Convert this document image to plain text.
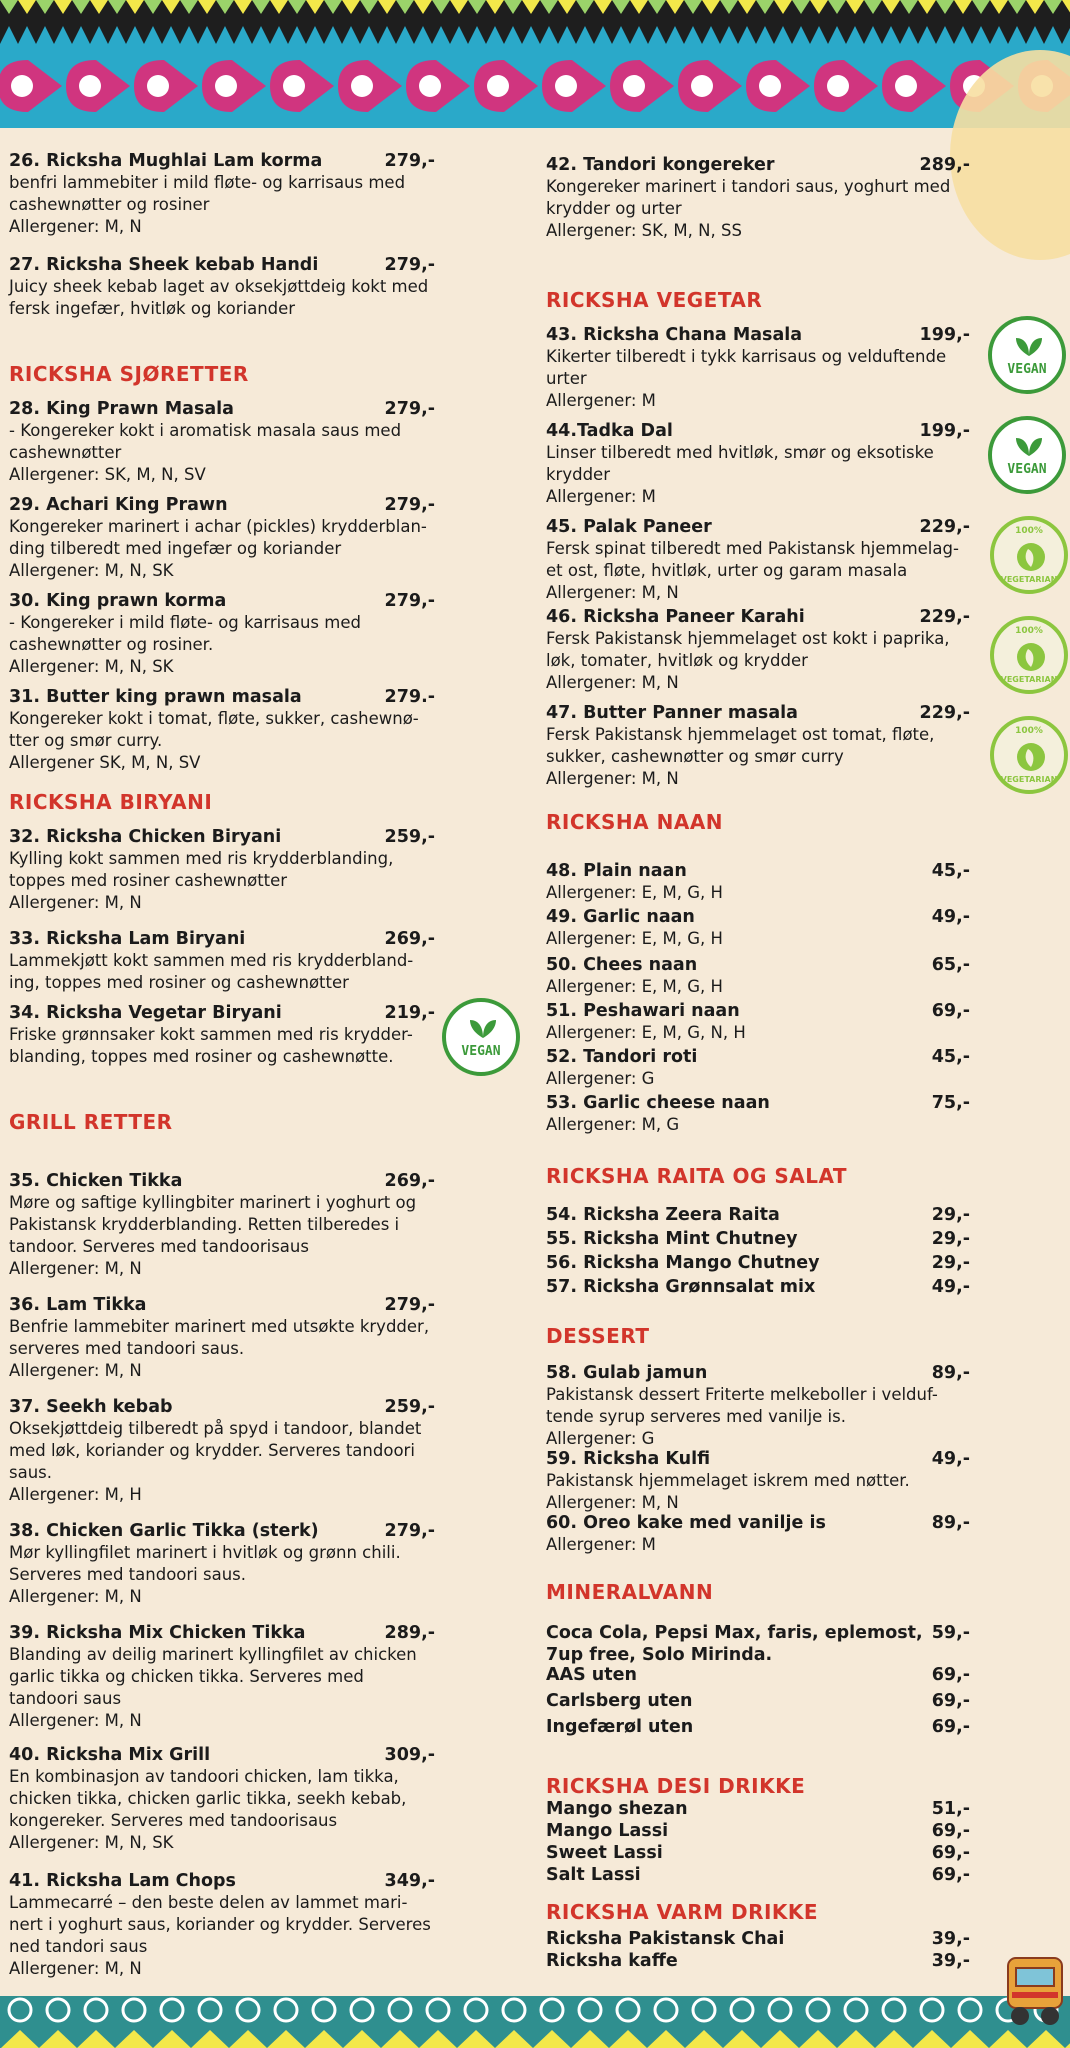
26. Ricksha Mughlai Lam korma	279,-
benfri lammebiter i mild fløte- og karrisaus med
cashewnøtter og rosiner
Allergener: M, N
27. Ricksha Sheek kebab Handi	279,-
Juicy sheek kebab laget av oksekjøttdeig kokt med
fersk ingefær, hvitløk og koriander
RICKSHA SJØRETTER
28. King Prawn Masala	279,-
- Kongereker kokt i aromatisk masala saus med
cashewnøtter
Allergener: SK, M, N, SV
29. Achari King Prawn	279,-
Kongereker marinert i achar (pickles) krydderblan-
ding tilberedt med ingefær og koriander
Allergener: M, N, SK
30. King prawn korma	279,-
- Kongereker i mild fløte- og karrisaus med
cashewnøtter og rosiner.
Allergener: M, N, SK
31. Butter king prawn masala	279.-
Kongereker kokt i tomat, fløte, sukker, cashewnø-
tter og smør curry.
Allergener SK, M, N, SV
RICKSHA BIRYANI
32. Ricksha Chicken Biryani	259,-
Kylling kokt sammen med ris krydderblanding,
toppes med rosiner cashewnøtter
Allergener: M, N
33. Ricksha Lam Biryani	269,-
Lammekjøtt kokt sammen med ris krydderbland-
ing, toppes med rosiner og cashewnøtter
34. Ricksha Vegetar Biryani	219,-
Friske grønnsaker kokt sammen med ris krydder-
blanding, toppes med rosiner og cashewnøtte.
GRILL RETTER
35. Chicken Tikka	269,-
Møre og saftige kyllingbiter marinert i yoghurt og
Pakistansk krydderblanding. Retten tilberedes i
tandoor. Serveres med tandoorisaus
Allergener: M, N
36. Lam Tikka	279,-
Benfrie lammebiter marinert med utsøkte krydder,
serveres med tandoori saus.
Allergener: M, N
37. Seekh kebab	259,-
Oksekjøttdeig tilberedt på spyd i tandoor, blandet
med løk, koriander og krydder. Serveres tandoori
saus.
Allergener: M, H
38. Chicken Garlic Tikka (sterk)	279,-
Mør kyllingfilet marinert i hvitløk og grønn chili.
Serveres med tandoori saus.
Allergener: M, N
39. Ricksha Mix Chicken Tikka	289,-
Blanding av deilig marinert kyllingfilet av chicken
garlic tikka og chicken tikka. Serveres med
tandoori saus
Allergener: M, N
40. Ricksha Mix Grill	309,-
En kombinasjon av tandoori chicken, lam tikka,
chicken tikka, chicken garlic tikka, seekh kebab,
kongereker. Serveres med tandoorisaus
Allergener: M, N, SK
41. Ricksha Lam Chops	349,-
Lammecarré – den beste delen av lammet mari-
nert i yoghurt saus, koriander og krydder. Serveres
ned tandori saus
Allergener: M, N
42. Tandori kongereker	289,-
Kongereker marinert i tandori saus, yoghurt med
krydder og urter
Allergener: SK, M, N, SS
RICKSHA VEGETAR
43. Ricksha Chana Masala	199,-
Kikerter tilberedt i tykk karrisaus og velduftende
urter
Allergener: M
44.Tadka Dal	199,-
Linser tilberedt med hvitløk, smør og eksotiske
krydder
Allergener: M
45. Palak Paneer	229,-
Fersk spinat tilberedt med Pakistansk hjemmelag-
et ost, fløte, hvitløk, urter og garam masala
Allergener: M, N
46. Ricksha Paneer Karahi	229,-
Fersk Pakistansk hjemmelaget ost kokt i paprika,
løk, tomater, hvitløk og krydder
Allergener: M, N
47. Butter Panner masala	229,-
Fersk Pakistansk hjemmelaget ost tomat, fløte,
sukker, cashewnøtter og smør curry
Allergener: M, N
RICKSHA NAAN
48. Plain naan	45,-
Allergener: E, M, G, H
49. Garlic naan	49,-
Allergener: E, M, G, H
50. Chees naan	65,-
Allergener: E, M, G, H
51. Peshawari naan	69,-
Allergener: E, M, G, N, H
52. Tandori roti	45,-
Allergener: G
53. Garlic cheese naan	75,-
Allergener: M, G
RICKSHA RAITA OG SALAT
54. Ricksha Zeera Raita	29,-
55. Ricksha Mint Chutney	29,-
56. Ricksha Mango Chutney	29,-
57. Ricksha Grønnsalat mix	49,-
DESSERT
58. Gulab jamun	89,-
Pakistansk dessert Friterte melkeboller i velduf-
tende syrup serveres med vanilje is.
Allergener: G
59. Ricksha Kulfi	49,-
Pakistansk hjemmelaget iskrem med nøtter.
Allergener: M, N
60. Oreo kake med vanilje is	89,-
Allergener: M
MINERALVANN
Coca Cola, Pepsi Max, faris, eplemost, 59,-
7up free, Solo Mirinda.
AAS uten	69,-
Carlsberg uten	69,-
Ingefærøl uten	69,-
RICKSHA DESI DRIKKE
Mango shezan	51,-
Mango Lassi	69,-
Sweet Lassi	69,-
Salt Lassi	69,-
RICKSHA VARM DRIKKE
Ricksha Pakistansk Chai	39,-
Ricksha kaffe	39,-
VEGAN
VEGAN
100%
VEGETARIAN
100%
VEGETARIAN
100%
VEGETARIAN
VEGAN
